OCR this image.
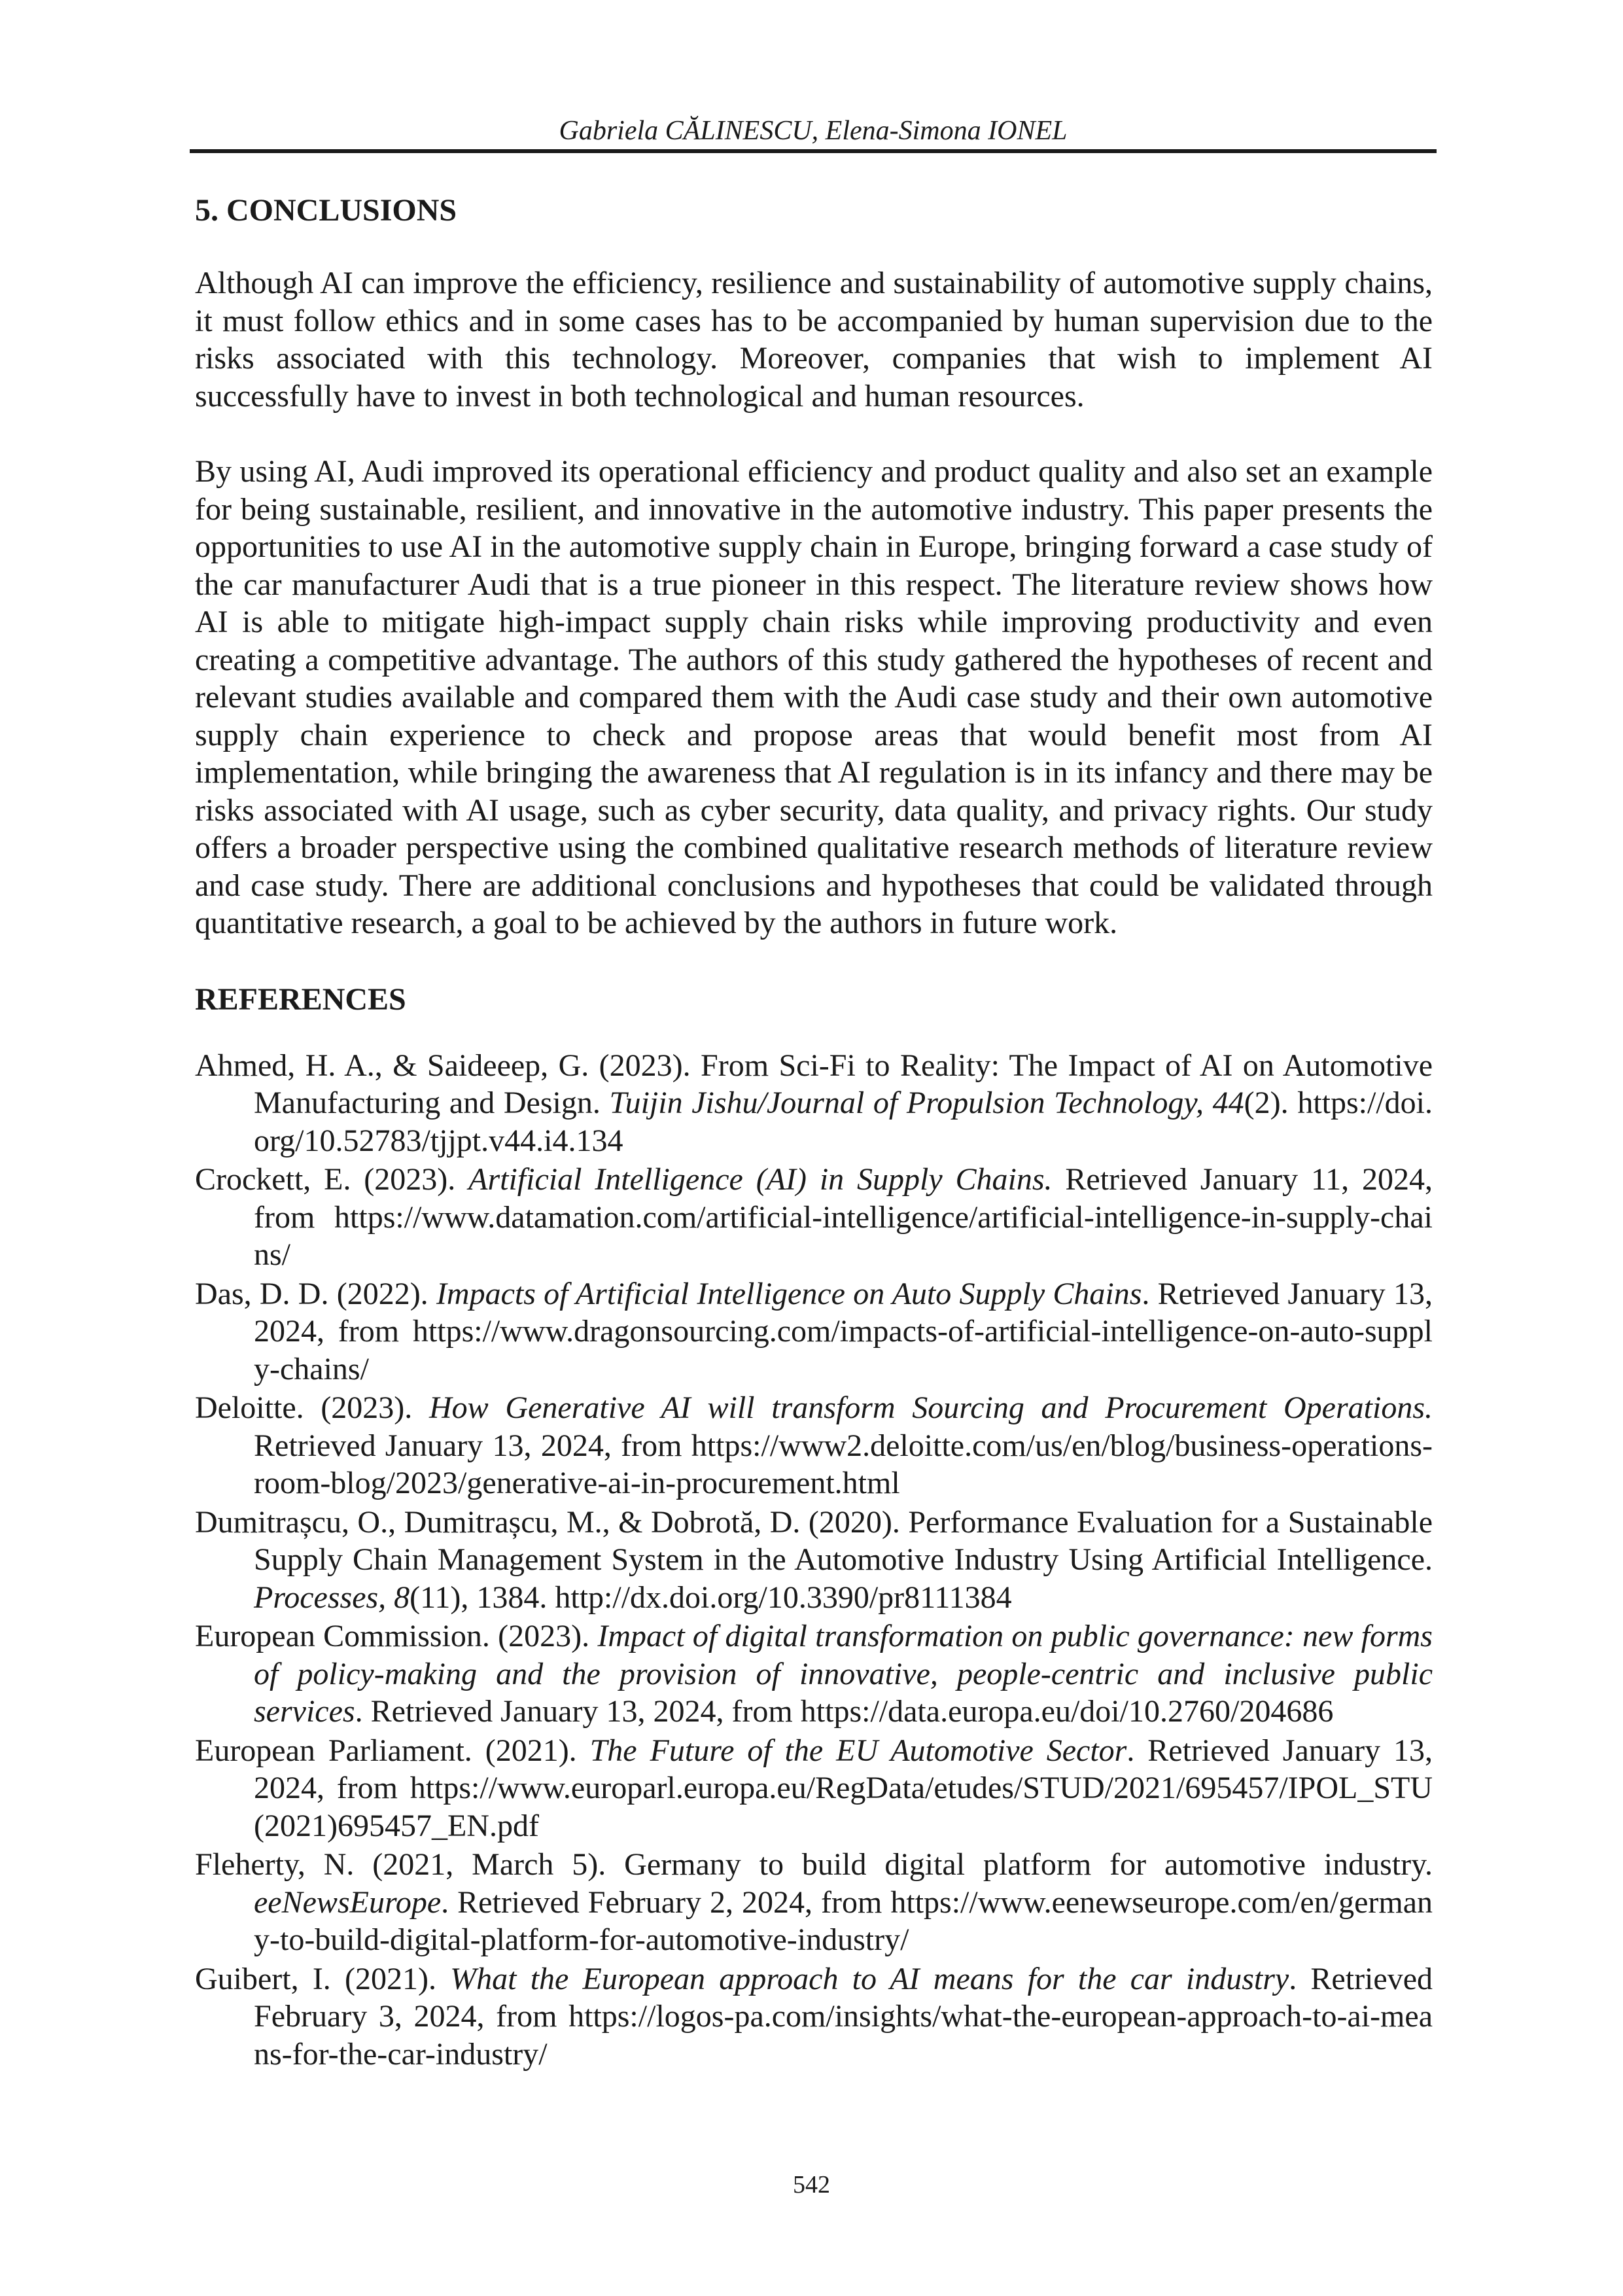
Gabriela CĂLINESCU, Elena-Simona IONEL
5. CONCLUSIONS

Although AI can improve the efficiency, resilience and sustainability of automotive supply chains, it must follow ethics and in some cases has to be accompanied by human supervision due to the risks associated with this technology. Moreover, companies that wish to implement AI successfully have to invest in both technological and human resources.

By using AI, Audi improved its operational efficiency and product quality and also set an example for being sustainable, resilient, and innovative in the automotive industry. This paper presents the opportunities to use AI in the automotive supply chain in Europe, bringing forward a case study of the car manufacturer Audi that is a true pioneer in this respect. The literature review shows how AI is able to mitigate high-impact supply chain risks while improving productivity and even creating a competitive advantage. The authors of this study gathered the hypotheses of recent and relevant studies available and compared them with the Audi case study and their own automotive supply chain experience to check and propose areas that would benefit most from AI implementation, while bringing the awareness that AI regulation is in its infancy and there may be risks associated with AI usage, such as cyber security, data quality, and privacy rights. Our study offers a broader perspective using the combined qualitative research methods of literature review and case study. There are additional conclusions and hypotheses that could be validated through quantitative research, a goal to be achieved by the authors in future work.

REFERENCES

Ahmed, H. A., & Saideeep, G. (2023). From Sci-Fi to Reality: The Impact of AI on Automotive Manufacturing and Design. Tuijin Jishu/Journal of Propulsion Technology, 44(2). https://doi.org/10.52783/tjjpt.v44.i4.134

Crockett, E. (2023). Artificial Intelligence (AI) in Supply Chains. Retrieved January 11, 2024, from https://www.datamation.com/artificial-intelligence/artificial-intelligence-in-supply-chains/

Das, D. D. (2022). Impacts of Artificial Intelligence on Auto Supply Chains. Retrieved January 13, 2024, from https://www.dragonsourcing.com/impacts-of-artificial-intelligence-on-auto-supply-chains/

Deloitte. (2023). How Generative AI will transform Sourcing and Procurement Operations. Retrieved January 13, 2024, from https://www2.deloitte.com/us/en/blog/business-operations-room-blog/2023/generative-ai-in-procurement.html

Dumitrașcu, O., Dumitrașcu, M., & Dobrotă, D. (2020). Performance Evaluation for a Sustainable Supply Chain Management System in the Automotive Industry Using Artificial Intelligence. Processes, 8(11), 1384. http://dx.doi.org/10.3390/pr8111384

European Commission. (2023). Impact of digital transformation on public governance: new forms of policy-making and the provision of innovative, people-centric and inclusive public services. Retrieved January 13, 2024, from https://data.europa.eu/doi/10.2760/204686

European Parliament. (2021). The Future of the EU Automotive Sector. Retrieved January 13, 2024, from https://www.europarl.europa.eu/RegData/etudes/STUD/2021/695457/IPOL_STU(2021)695457_EN.pdf

Fleherty, N. (2021, March 5). Germany to build digital platform for automotive industry. eeNewsEurope. Retrieved February 2, 2024, from https://www.eenewseurope.com/en/germany-to-build-digital-platform-for-automotive-industry/

Guibert, I. (2021). What the European approach to AI means for the car industry. Retrieved February 3, 2024, from https://logos-pa.com/insights/what-the-european-approach-to-ai-means-for-the-car-industry/

542
